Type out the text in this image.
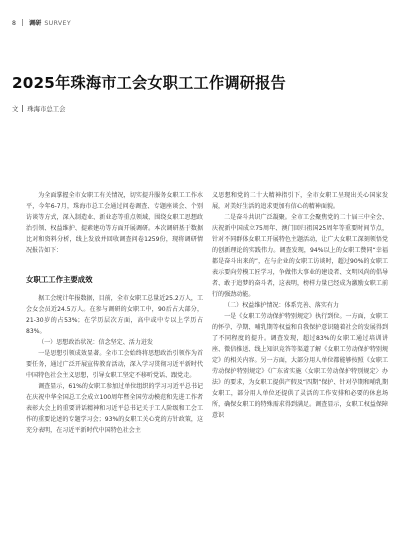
8 调研 SURVEY
2025年珠海市工会女职工工作调研报告
文 珠海市总工会

为全面掌握全市女职工有关情况，切实提升服务女职工工作水平，今年6-7月，珠海市总工会通过问卷调查、专题座谈会、个别访谈等方式，深入制造业、新业态等重点领域，围绕女职工思想政治引领、权益维护、提素建功等方面开展调研。本次调研基于数据比对和资料分析，线上发放并回收调查问卷1259份，现将调研情况报告如下：

女职工工作主要成效

据工会统计年报数据，目前，全市女职工总量近25.2万人，工会女会员近24.5万人。在参与调研的女职工中，90后占大部分，21-30岁的占53%；在学历层次方面，高中或中专以上学历占83%。

（一）思想政治状况：信念坚定、活力迸发

一是思想引领成效显著。全市工会始终将思想政治引领作为首要任务，通过广泛开展宣传教育活动，深入学习贯彻习近平新时代中国特色社会主义思想，引导女职工坚定不移听党话、跟党走。

调查显示，61%的女职工参加过单位组织的学习习近平总书记在庆祝中华全国总工会成立100周年暨全国劳动模范和先进工作者表彰大会上的重要讲话精神和习近平总书记关于工人阶级和工会工作的重要论述的专题学习会；93%的女职工关心党的方针政策，这充分表明，在习近平新时代中国特色社会主

义思想和党的二十大精神指引下，全市女职工呈现出关心国家发展，对美好生活的追求更加有信心的精神面貌。

二是奋斗共识广泛凝聚。全市工会聚焦党的二十届三中全会、庆祝新中国成立75周年、澳门回归祖国25周年等重要时间节点，针对不同群体女职工开展特色主题活动，让广大女职工深刻领悟党的创新理论的实践伟力。调查发现，94%以上的女职工赞同“幸福都是奋斗出来的”，在与企业的女职工访谈时，超过90%的女职工表示要向劳模工匠学习，争做伟大事业的建设者、文明风尚的倡导者、敢于追梦的奋斗者，这表明，榜样力量已经成为激励女职工前行的强劲动能。

（二）权益维护情况：体系完善、落实有力

一是《女职工劳动保护特别规定》执行到位。一方面，女职工的怀孕、孕期、哺乳期等权益和自我保护意识随着社会的发展得到了不同程度的提升。调查发现，超过83%的女职工通过培训讲座、微信推送、线上知识竞答等渠道了解《女职工劳动保护特别规定》的相关内容。另一方面，大部分用人单位都能够按照《女职工劳动保护特别规定》《广东省实施〈女职工劳动保护特别规定〉办法》的要求，为女职工提供产假及“四期”保护、针对孕期和哺乳期女职工，部分用人单位还提供了灵活的工作安排和必要的休息场所，确保女职工的特殊需求得到满足。调查显示，女职工权益保障意识
